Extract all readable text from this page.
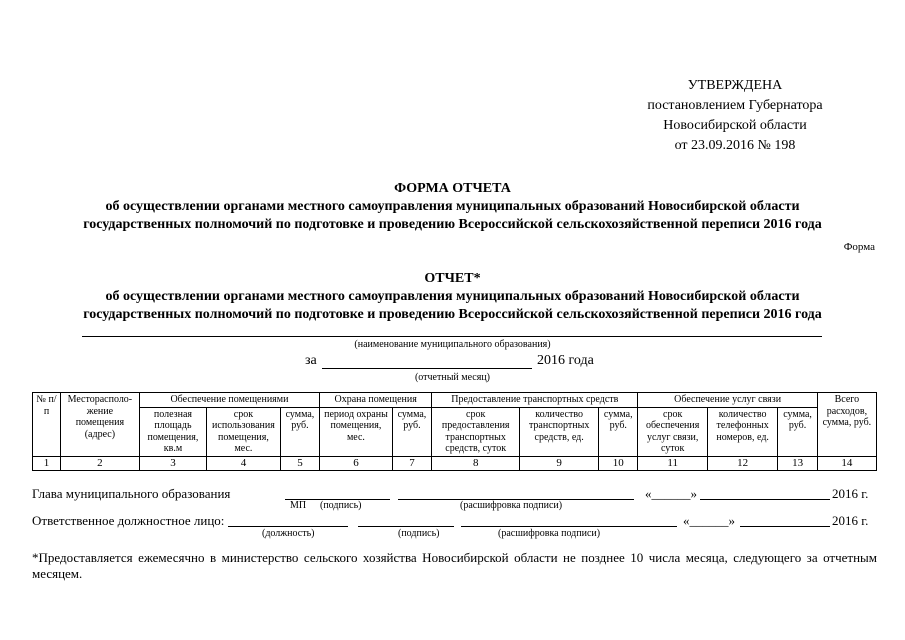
УТВЕРЖДЕНА
постановлением Губернатора
Новосибирской области
от 23.09.2016 № 198
ФОРМА ОТЧЕТА
об осуществлении органами местного самоуправления муниципальных образований Новосибирской области
государственных полномочий по подготовке и проведению Всероссийской сельскохозяйственной переписи 2016 года
Форма
ОТЧЕТ*
об осуществлении органами местного самоуправления муниципальных образований Новосибирской области
государственных полномочий по подготовке и проведению Всероссийской сельскохозяйственной переписи 2016 года
(наименование муниципального образования)
за	2016 года
(отчетный месяц)
№ п/п	Месторасполо-жение помещения (адрес)	Обеспечение помещениями			Охрана помещения		Предоставление транспортных средств			Обеспечение услуг связи			Всего расходов, сумма, руб.
		полезная площадь помещения, кв.м	срок использования помещения, мес.	сумма, руб.	период охраны помещения, мес.	сумма, руб.	срок предоставления транспортных средств, суток	количество транспортных средств, ед.	сумма, руб.	срок обеспечения услуг связи, суток	количество телефонных номеров, ед.	сумма, руб.	
1	2	3	4	5	6	7	8	9	10	11	12	13	14
Глава муниципального образования	«______»	2016 г.
МП (подпись)	(расшифровка подписи)
Ответственное должностное лицо:	«______»	2016 г.
(должность)	(подпись)	(расшифровка подписи)
*Предоставляется ежемесячно в министерство сельского хозяйства Новосибирской области не позднее 10 числа месяца, следующего за отчетным месяцем.
